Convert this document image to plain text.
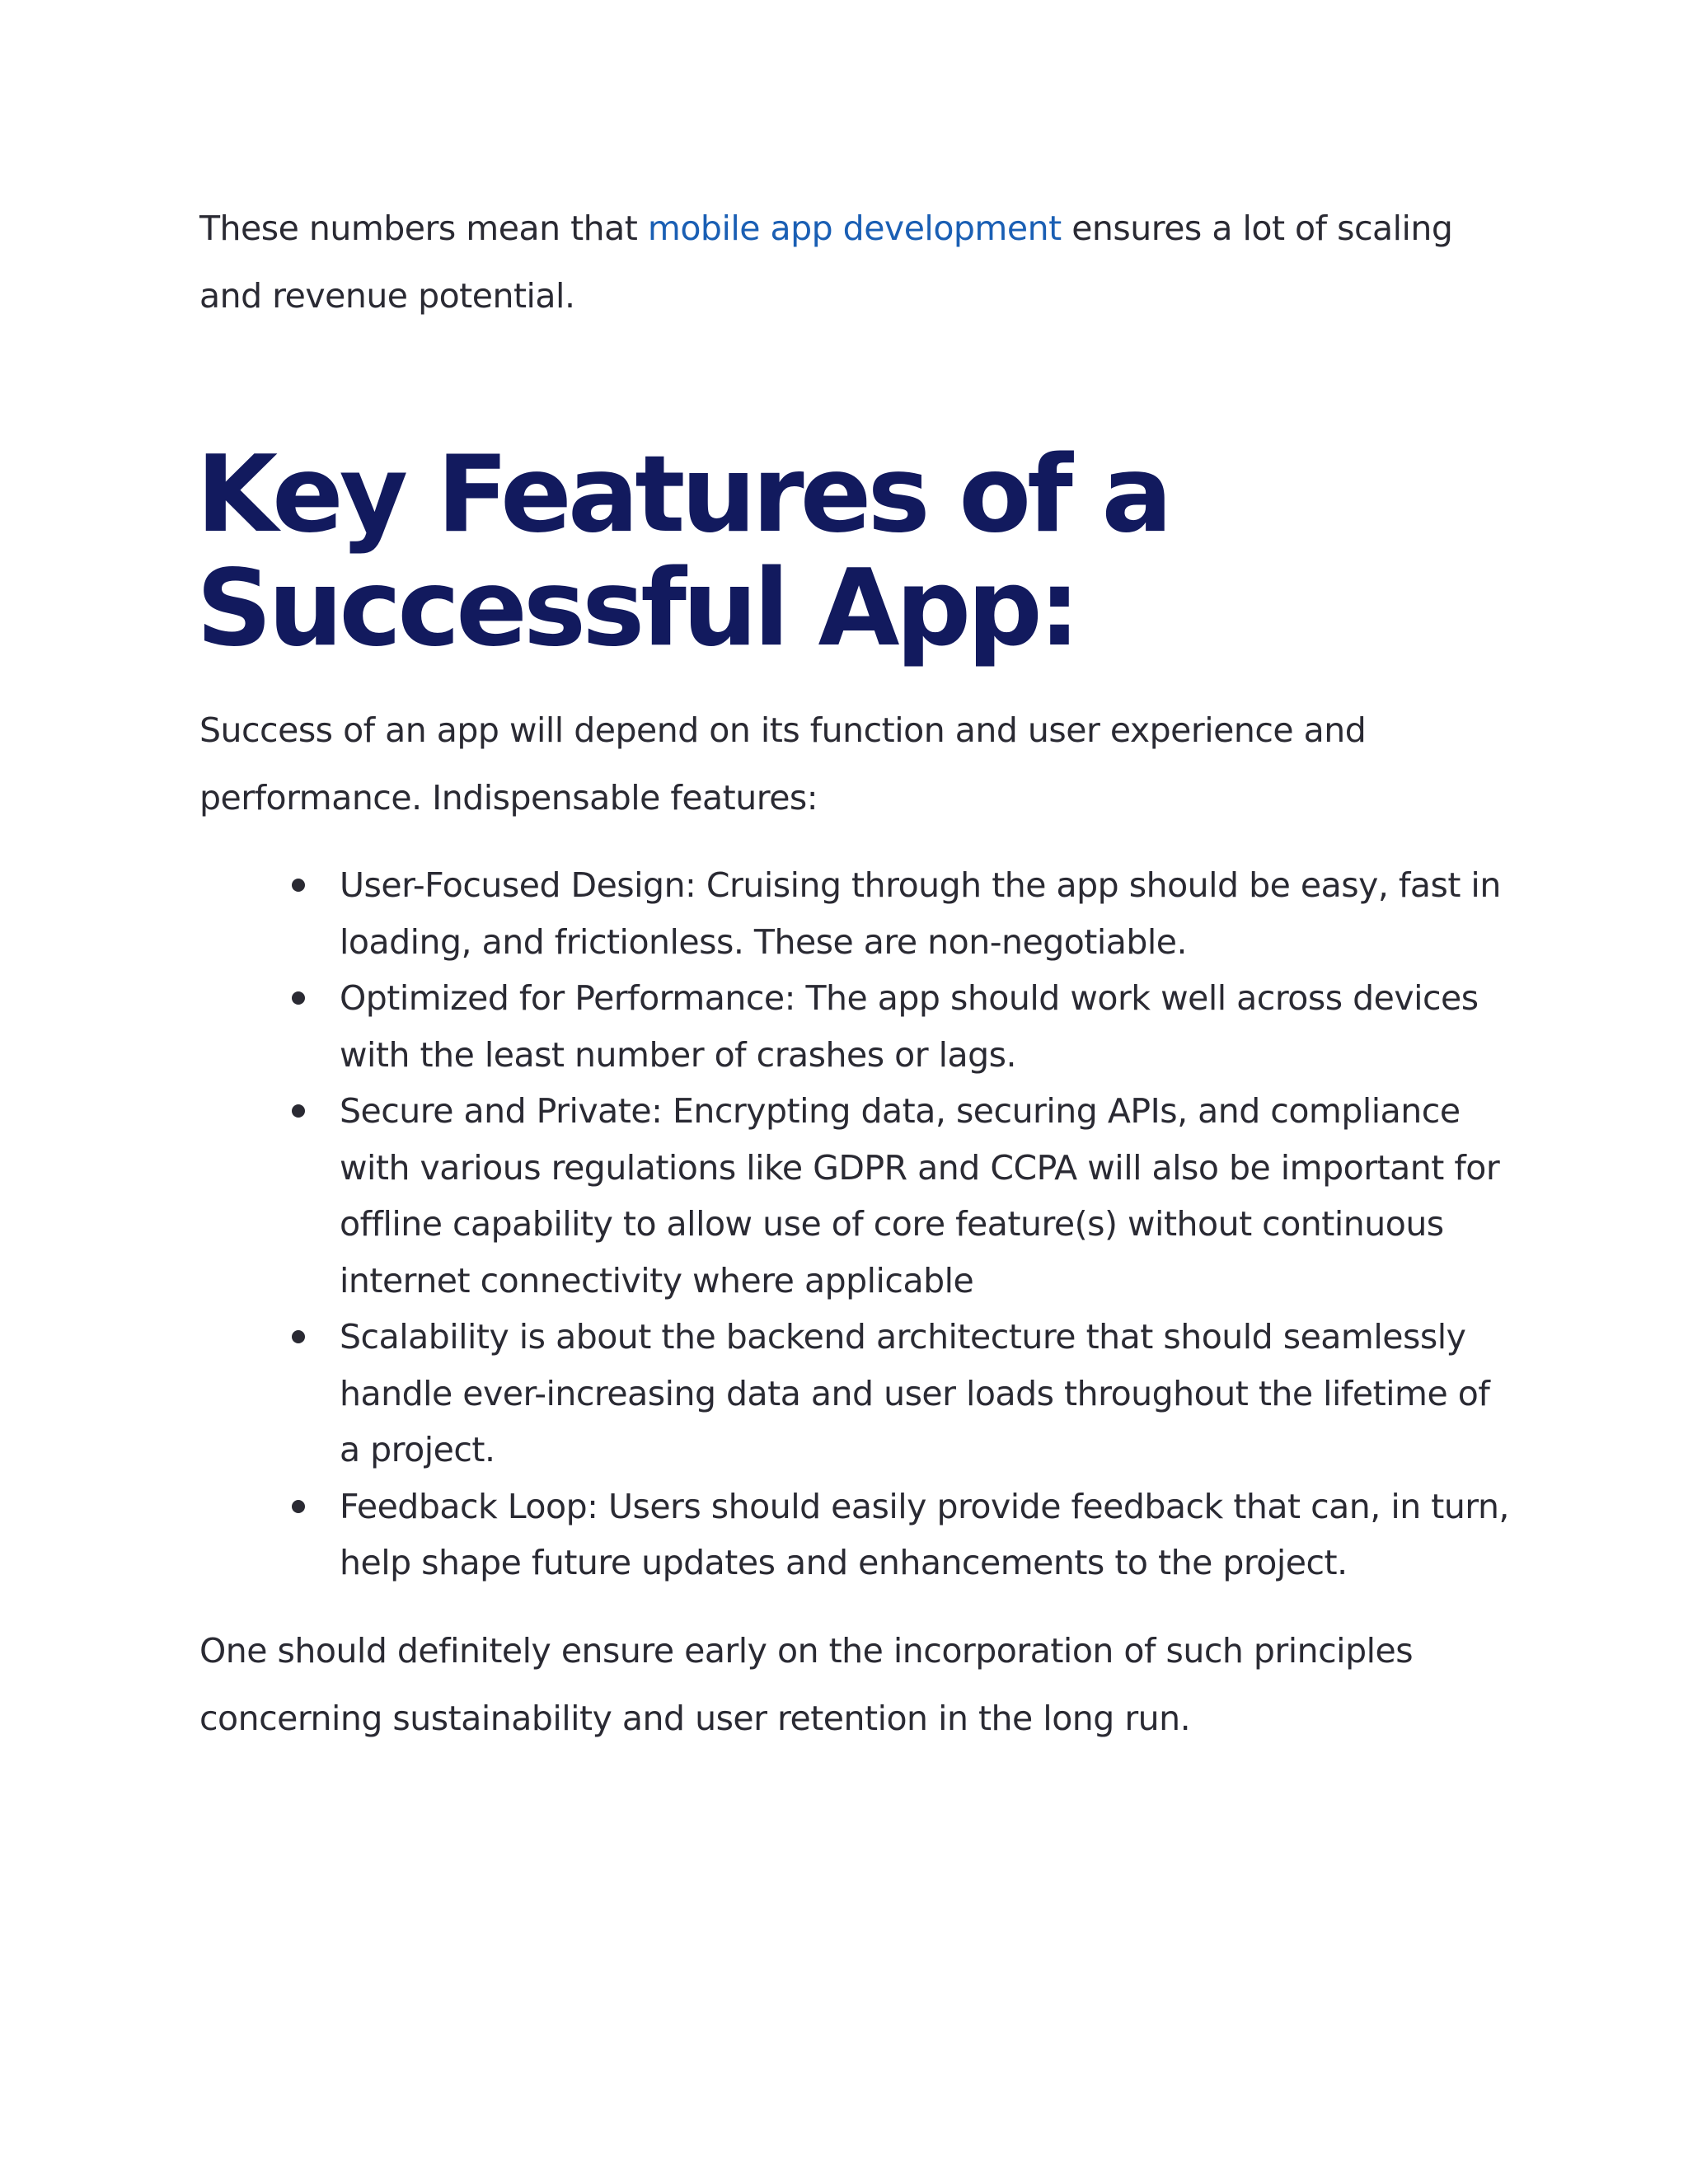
These numbers mean that mobile app development ensures a lot of scaling and revenue potential.

Key Features of a Successful App:

Success of an app will depend on its function and user experience and performance. Indispensable features:

User-Focused Design: Cruising through the app should be easy, fast in loading, and frictionless. These are non-negotiable.
Optimized for Performance: The app should work well across devices with the least number of crashes or lags.
Secure and Private: Encrypting data, securing APIs, and compliance with various regulations like GDPR and CCPA will also be important for offline capability to allow use of core feature(s) without continuous internet connectivity where applicable
Scalability is about the backend architecture that should seamlessly handle ever-increasing data and user loads throughout the lifetime of a project.
Feedback Loop: Users should easily provide feedback that can, in turn, help shape future updates and enhancements to the project.

One should definitely ensure early on the incorporation of such principles concerning sustainability and user retention in the long run.
